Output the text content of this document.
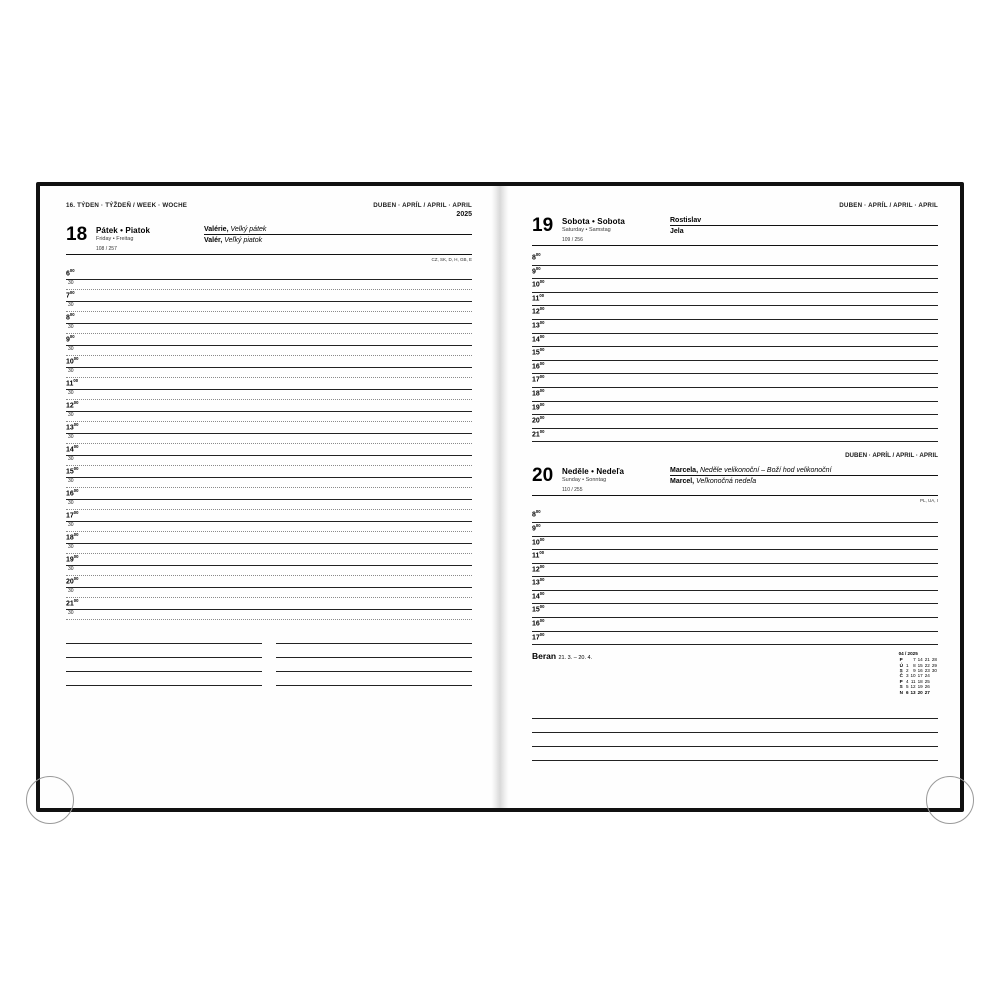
16. TÝDEN · TÝŽDEŇ / WEEK · WOCHE	DUBEN · APRÍL / APRIL · APRIL
2025
18	Pátek • Piatok
Friday • Freitag
108 / 257
Valérie, Velký pátek
Valér, Veľký piatok
CZ, SK, D, H, GB, E
$6^{00}$
30
$7^{00}$
30
$8^{00}$
30
$9^{00}$
30
$10^{00}$
30
$11^{00}$
30
$12^{00}$
30
$13^{00}$
30
$14^{00}$
30
$15^{00}$
30
$16^{00}$
30
$17^{00}$
30
$18^{00}$
30
$19^{00}$
30
$20^{00}$
30
$21^{00}$
30
DUBEN · APRÍL / APRIL · APRIL
19	Sobota • Sobota
Saturday • Samstag
109 / 256
Rostislav
Jela
$8^{00}$
$9^{00}$
$10^{00}$
$11^{00}$
$12^{00}$
$13^{00}$
$14^{00}$
$15^{00}$
$16^{00}$
$17^{00}$
$18^{00}$
$19^{00}$
$20^{00}$
$21^{00}$
DUBEN · APRÍL / APRIL · APRIL
20	Neděle • Nedeľa
Sunday • Sonntag
110 / 255
Marcela, Neděle velikonoční – Boží hod velikonoční
Marcel, Veľkonočná nedeľa
PL, UA, I
$8^{00}$
$9^{00}$
$10^{00}$
$11^{00}$
$12^{00}$
$13^{00}$
$14^{00}$
$15^{00}$
$16^{00}$
$17^{00}$
Beran 21. 3. – 20. 4.
04 / 2025
P		7	14	21	28
Ú	1	8	15	22	29
S	2	9	16	23	30
Č	3	10	17	24	
P	4	11	18	25	
S	5	12	19	26	
N	6	13	20	27	
